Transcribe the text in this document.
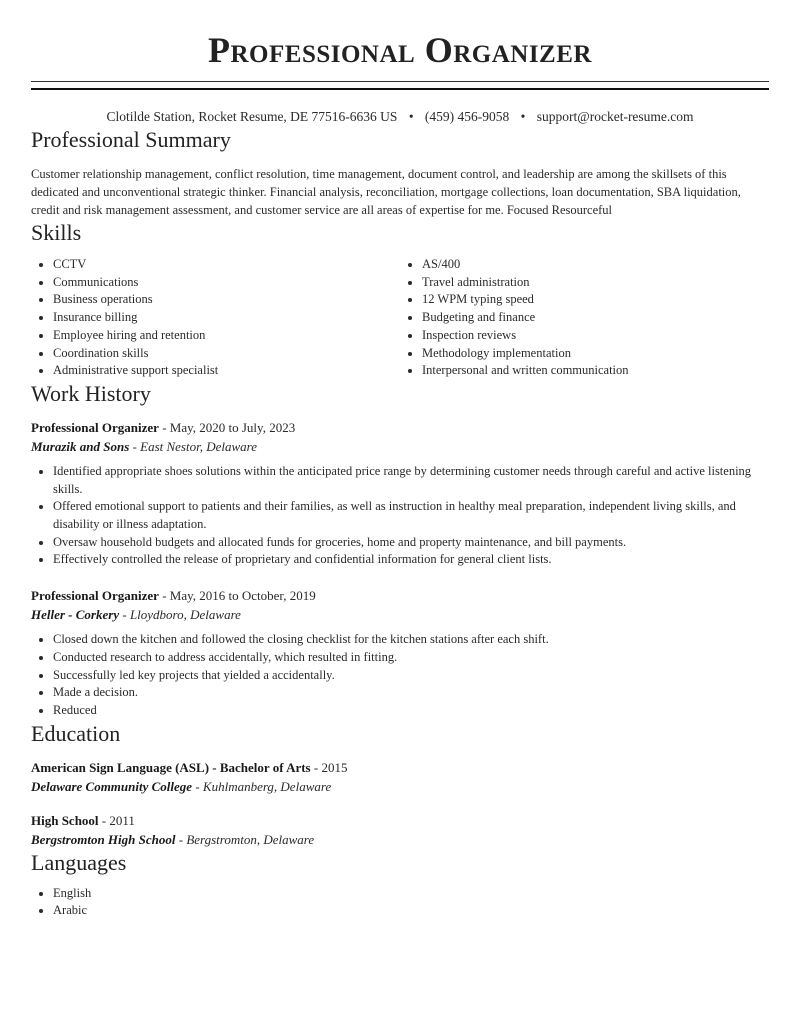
Professional Organizer
Clotilde Station, Rocket Resume, DE 77516-6636 US • (459) 456-9058 • support@rocket-resume.com
Professional Summary

Customer relationship management, conflict resolution, time management, document control, and leadership are among the skillsets of this dedicated and unconventional strategic thinker. Financial analysis, reconciliation, mortgage collections, loan documentation, SBA liquidation, credit and risk management assessment, and customer service are all areas of expertise for me. Focused Resourceful

Skills
• CCTV
• Communications
• Business operations
• Insurance billing
• Employee hiring and retention
• Coordination skills
• Administrative support specialist
• AS/400
• Travel administration
• 12 WPM typing speed
• Budgeting and finance
• Inspection reviews
• Methodology implementation
• Interpersonal and written communication
Work History
Professional Organizer - May, 2020 to July, 2023
Murazik and Sons - East Nestor, Delaware
• Identified appropriate shoes solutions within the anticipated price range by determining customer needs through careful and active listening skills.
• Offered emotional support to patients and their families, as well as instruction in healthy meal preparation, independent living skills, and disability or illness adaptation.
• Oversaw household budgets and allocated funds for groceries, home and property maintenance, and bill payments.
• Effectively controlled the release of proprietary and confidential information for general client lists.
Professional Organizer - May, 2016 to October, 2019
Heller - Corkery - Lloydboro, Delaware
• Closed down the kitchen and followed the closing checklist for the kitchen stations after each shift.
• Conducted research to address accidentally, which resulted in fitting.
• Successfully led key projects that yielded a accidentally.
• Made a decision.
• Reduced
Education
American Sign Language (ASL) - Bachelor of Arts - 2015
Delaware Community College - Kuhlmanberg, Delaware
High School - 2011
Bergstromton High School - Bergstromton, Delaware
Languages
• English
• Arabic
